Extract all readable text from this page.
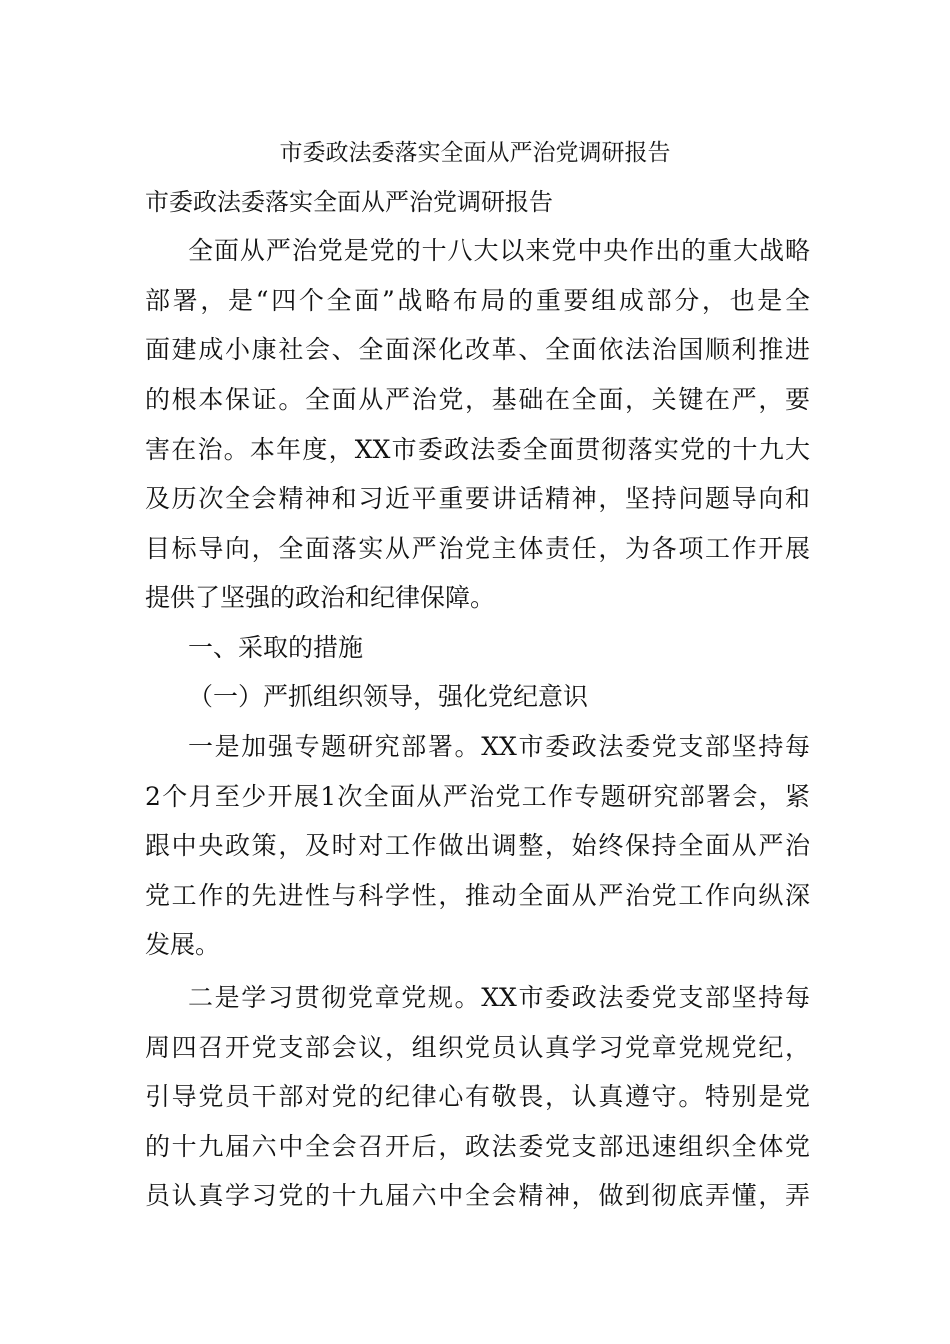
市委政法委落实全面从严治党调研报告
市委政法委落实全面从严治党调研报告
全面从严治党是党的十八大以来党中央作出的重大战略
部署，是“四个全面”战略布局的重要组成部分，也是全
面建成小康社会、全面深化改革、全面依法治国顺利推进
的根本保证。全面从严治党，基础在全面，关键在严，要
害在治。本年度，XX市委政法委全面贯彻落实党的十九大
及历次全会精神和习近平重要讲话精神，坚持问题导向和
目标导向，全面落实从严治党主体责任，为各项工作开展
提供了坚强的政治和纪律保障。
一、采取的措施
（一）严抓组织领导，强化党纪意识
一是加强专题研究部署。XX市委政法委党支部坚持每
2个月至少开展1次全面从严治党工作专题研究部署会，紧
跟中央政策，及时对工作做出调整，始终保持全面从严治
党工作的先进性与科学性，推动全面从严治党工作向纵深
发展。
二是学习贯彻党章党规。XX市委政法委党支部坚持每
周四召开党支部会议，组织党员认真学习党章党规党纪，
引导党员干部对党的纪律心有敬畏，认真遵守。特别是党
的十九届六中全会召开后，政法委党支部迅速组织全体党
员认真学习党的十九届六中全会精神，做到彻底弄懂，弄
